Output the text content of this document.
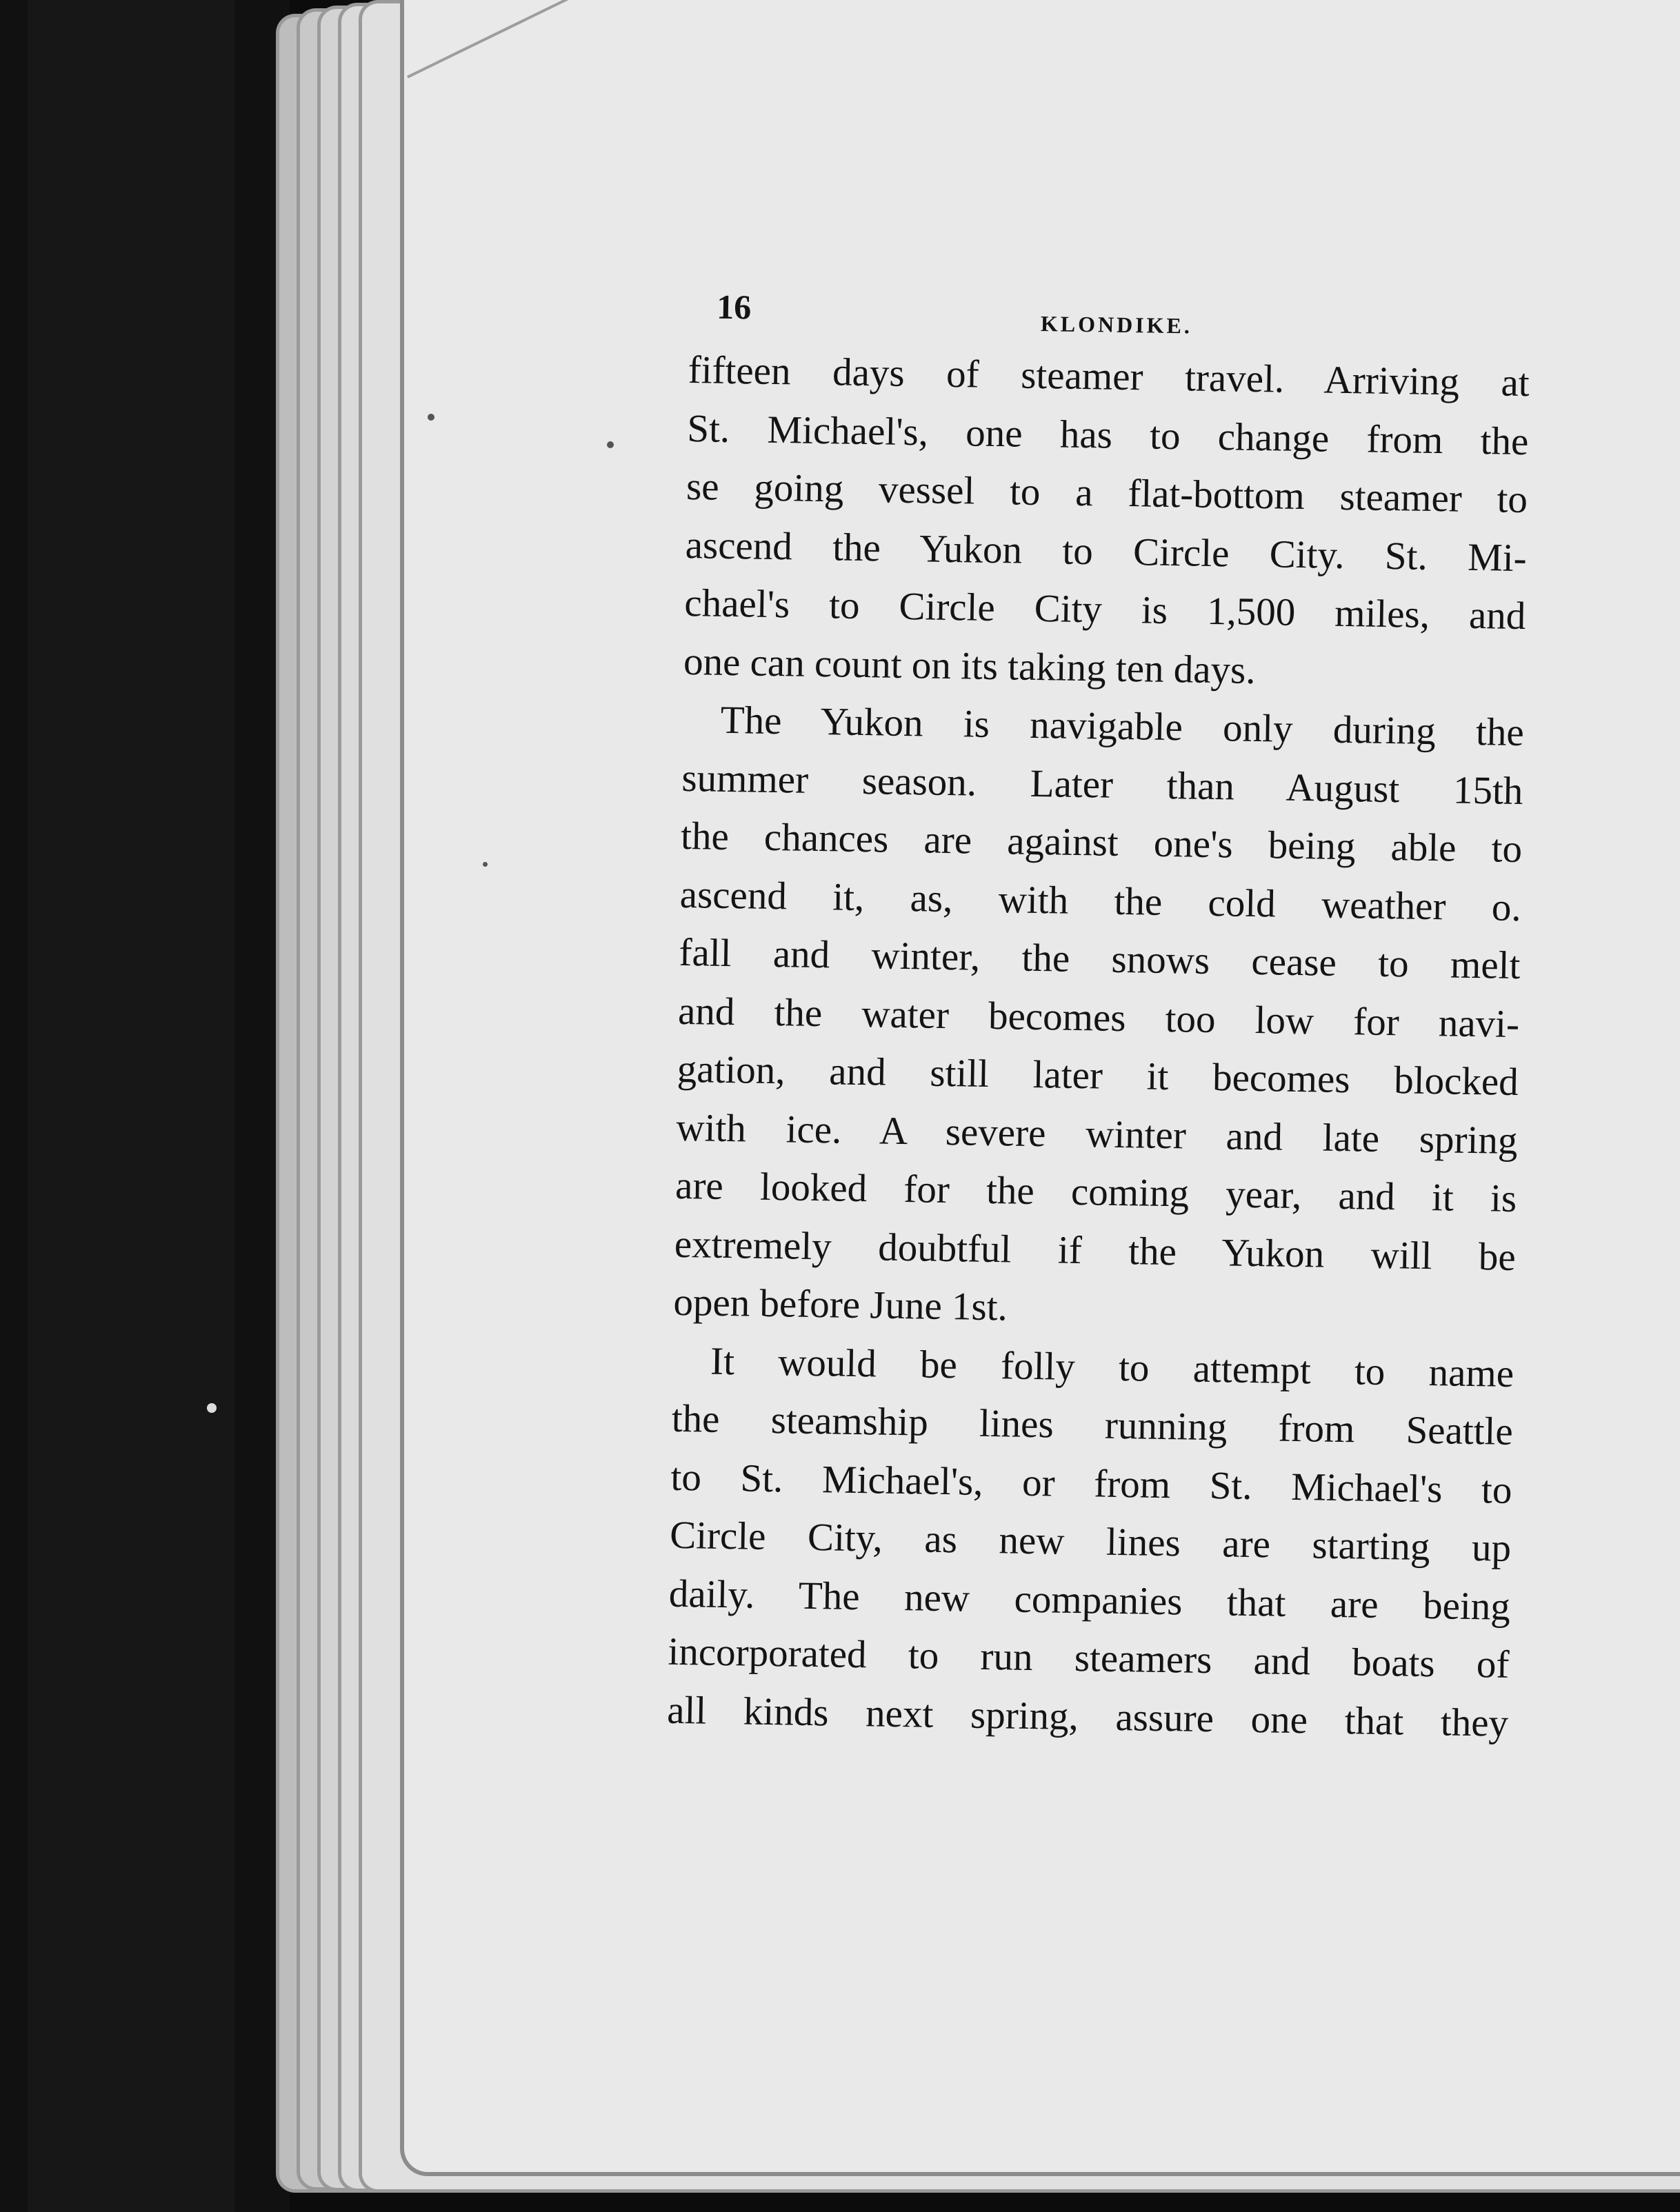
16	KLONDIKE.

fifteen days of steamer travel. Arriving at
St. Michael's, one has to change from the
se going vessel to a flat-bottom steamer to
ascend the Yukon to Circle City. St. Mi-
chael's to Circle City is 1,500 miles, and
one can count on its taking ten days.

The Yukon is navigable only during the
summer season. Later than August 15th
the chances are against one's being able to
ascend it, as, with the cold weather o.
fall and winter, the snows cease to melt
and the water becomes too low for navi-
gation, and still later it becomes blocked
with ice. A severe winter and late spring
are looked for the coming year, and it is
extremely doubtful if the Yukon will be
open before June 1st.

It would be folly to attempt to name
the steamship lines running from Seattle
to St. Michael's, or from St. Michael's to
Circle City, as new lines are starting up
daily. The new companies that are being
incorporated to run steamers and boats of
all kinds next spring, assure one that they
